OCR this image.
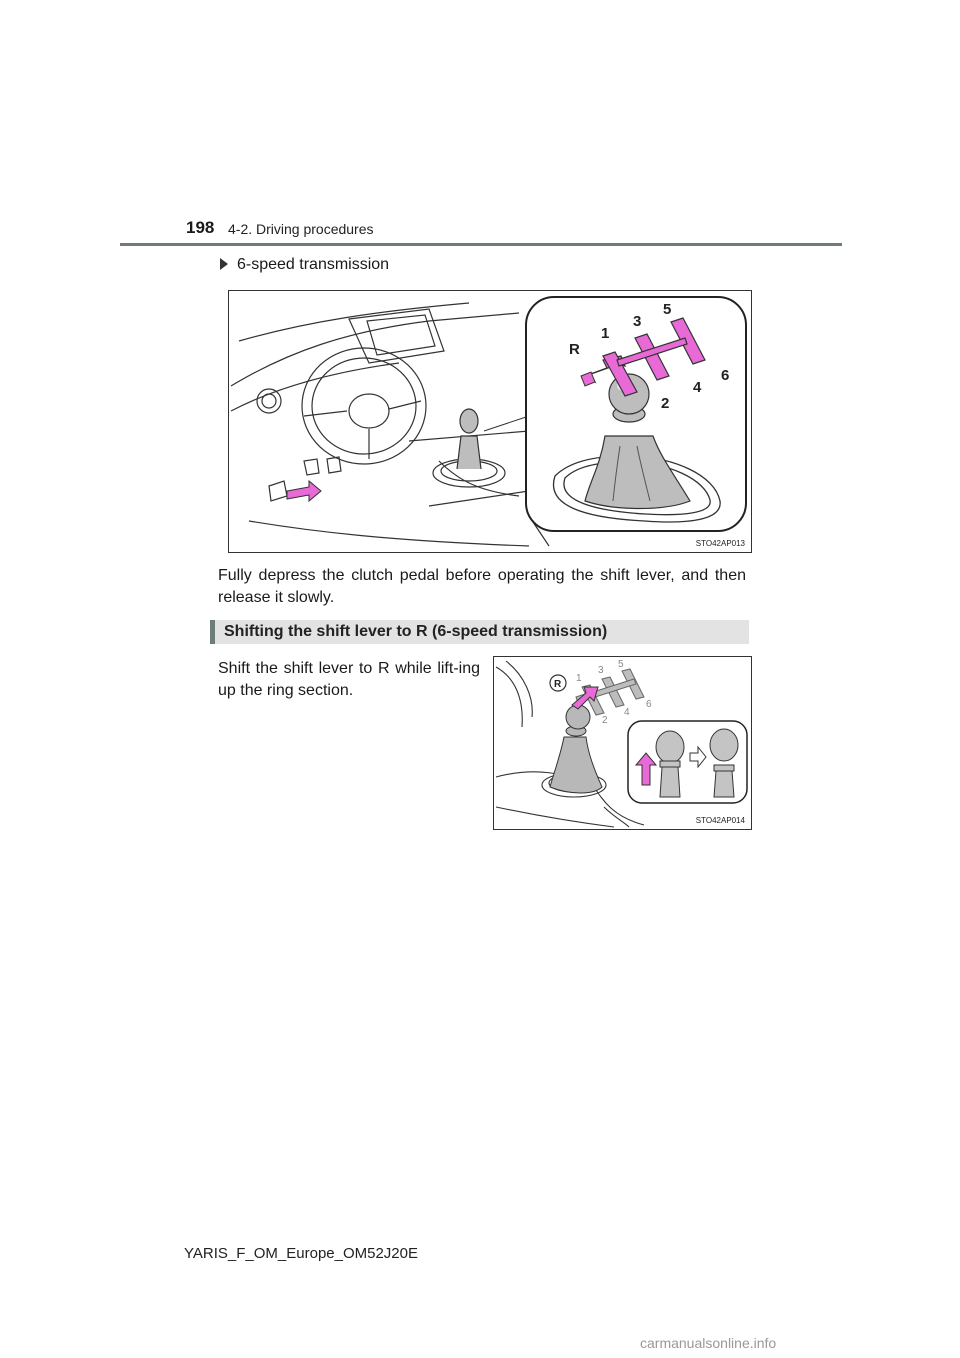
198 4-2. Driving procedures
6-speed transmission
R
1
3
5
2
4
6
STO42AP013
Fully depress the clutch pedal before operating the shift lever, and then release it slowly.
Shifting the shift lever to R (6-speed transmission)
Shift the shift lever to R while lift-ing up the ring section.	R
1
3
5
2
4
6
STO42AP014
YARIS_F_OM_Europe_OM52J20E
carmanualsonline.info
